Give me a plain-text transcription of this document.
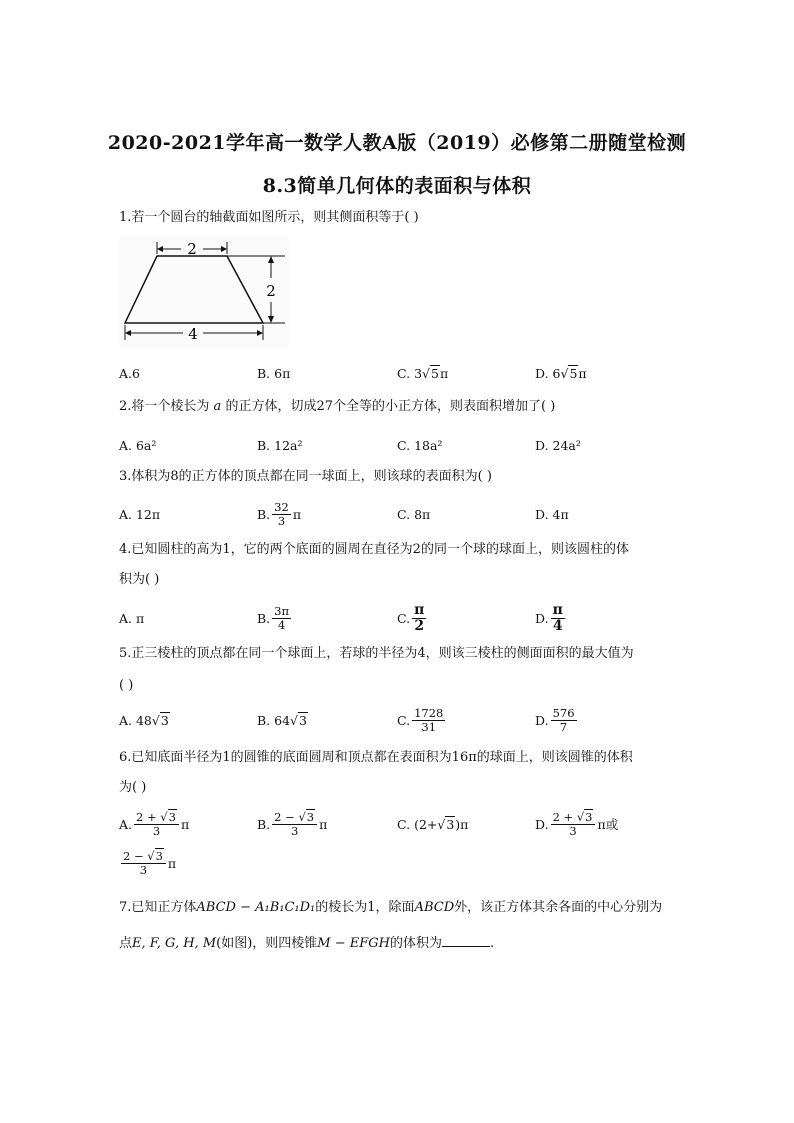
2020-2021学年高一数学人教A版（2019）必修第二册随堂检测
8.3简单几何体的表面积与体积
1.若一个圆台的轴截面如图所示，则其侧面积等于( )
2
2
4
A.6	B. 6π	C. 3 √5 π	D. 6 √5 π
2.将一个棱长为 a 的正方体，切成27个全等的小正方体，则表面积增加了( )
A. 6a²	B. 12a²	C. 18a²	D. 24a²
3.体积为8的正方体的顶点都在同一球面上，则该球的表面积为( )
A. 12π	B. $\frac{32}{3}$ π	C. 8π	D. 4π
4.已知圆柱的高为1，它的两个底面的圆周在直径为2的同一个球的球面上，则该圆柱的体
积为( )
A. π	B. $\frac{3\pi}{4}$	C. $\frac{\pi}{2}$	D. $\frac{\pi}{4}$
5.正三棱柱的顶点都在同一个球面上，若球的半径为4，则该三棱柱的侧面面积的最大值为
( )
A. 48 √3	B. 64 √3	C. $\frac{1728}{31}$	D. $\frac{576}{7}$
6.已知底面半径为1的圆锥的底面圆周和顶点都在表面积为16π的球面上，则该圆锥的体积
为( )
A. $\frac{2 + √3}{3}$ π	B. $\frac{2 - √3}{3}$ π	C. (2+ √3 )π	D. $\frac{2 + √3}{3}$ π或
$\frac{2 - √3}{3}$ π
7.已知正方体ABCD − A₁B₁C₁D₁的棱长为1，除面ABCD外，该正方体其余各面的中心分别为
点E, F, G, H, M(如图)，则四棱锥M − EFGH的体积为	.
